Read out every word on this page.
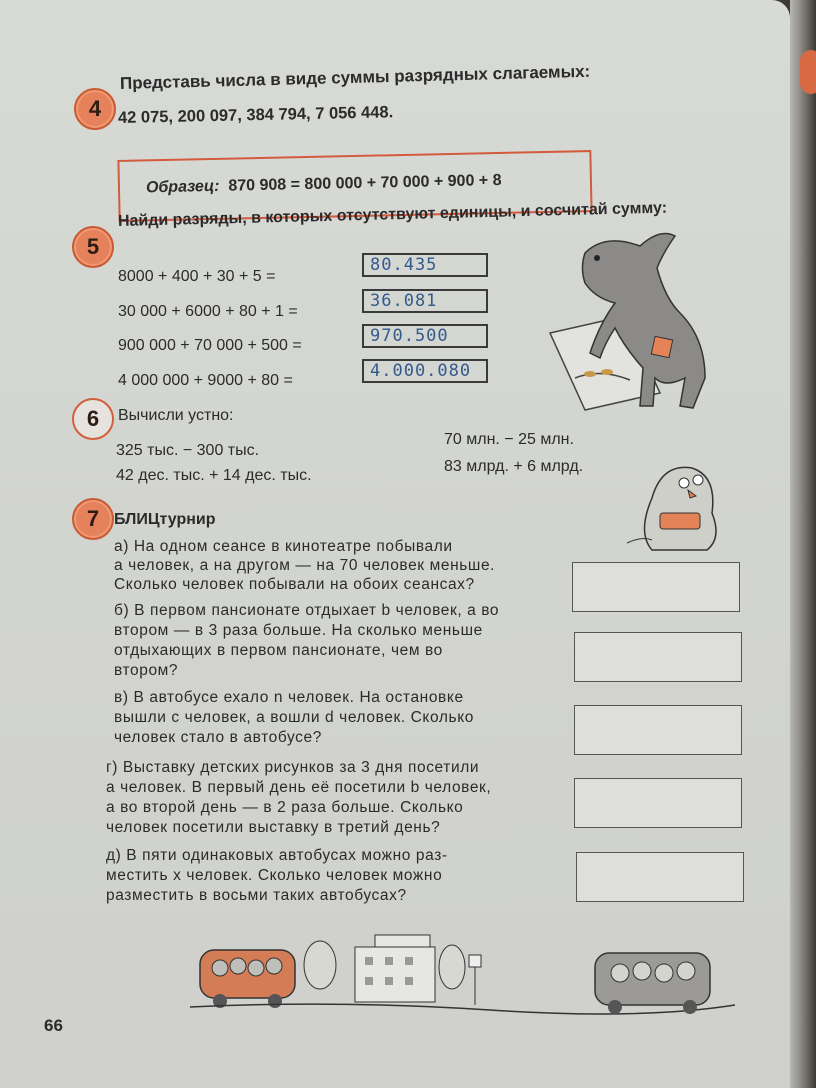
4
Представь числа в виде суммы разрядных слагаемых:
42 075, 200 097, 384 794, 7 056 448.
Образец: 870 908 = 800 000 + 70 000 + 900 + 8
5
Найди разряды, в которых отсутствуют единицы, и сосчитай сумму:
8000 + 400 + 30 + 5 =
80.435
30 000 + 6000 + 80 + 1 =
36.081
900 000 + 70 000 + 500 =	970.500
4 000 000 + 9000 + 80 =	4.000.080
6	Вычисли устно:
325 тыс. − 300 тыс.
42 дес. тыс. + 14 дес. тыс.
70 млн. − 25 млн.
83 млрд. + 6 млрд.
7 БЛИЦтурнир
а) На одном сеансе в кинотеатре побывали
a человек, а на другом — на 70 человек меньше.
Сколько человек побывали на обоих сеансах?
б) В первом пансионате отдыхает b человек, а во
втором — в 3 раза больше. На сколько меньше
отдыхающих в первом пансионате, чем во
втором?
в) В автобусе ехало n человек. На остановке
вышли c человек, а вошли d человек. Сколько
человек стало в автобусе?
г) Выставку детских рисунков за 3 дня посетили
a человек. В первый день её посетили b человек,
а во второй день — в 2 раза больше. Сколько
человек посетили выставку в третий день?
д) В пяти одинаковых автобусах можно раз-
местить x человек. Сколько человек можно
разместить в восьми таких автобусах?
66
